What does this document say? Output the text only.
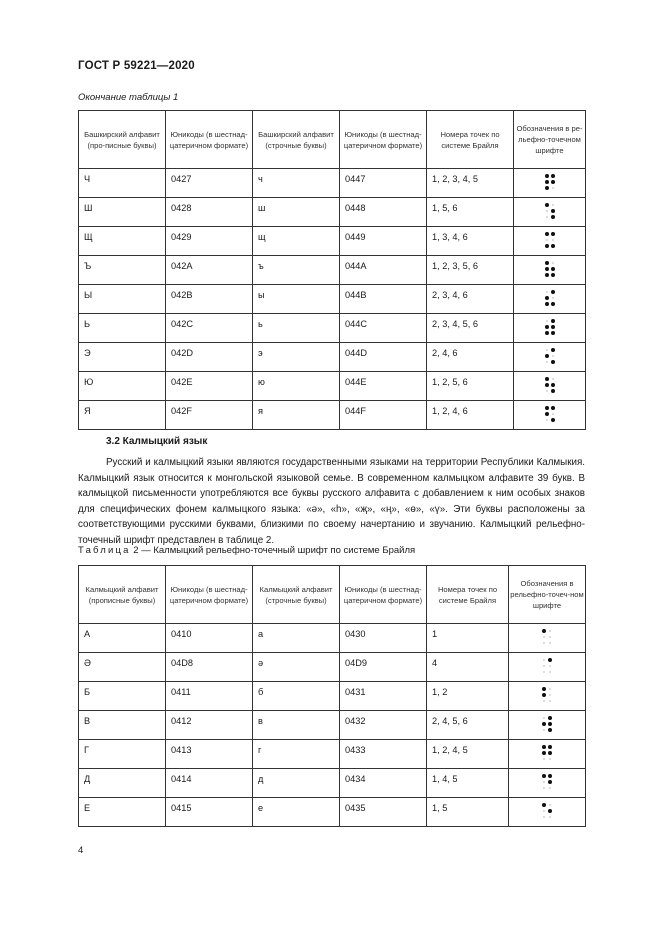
ГОСТ Р 59221—2020
Окончание таблицы 1
Башкирский алфавит (про-писные буквы)	Юникоды (в шестнад-цатеричном формате)	Башкирский алфавит (строчные буквы)	Юникоды (в шестнад-цатеричном формате)	Номера точек по системе Брайля	Обозначения в ре-льефно-точечном шрифте
Ч	0427	ч	0447	1, 2, 3, 4, 5	

Ш	0428	ш	0448	1, 5, 6	

Щ	0429	щ	0449	1, 3, 4, 6	

Ъ	042A	ъ	044A	1, 2, 3, 5, 6	

Ы	042B	ы	044B	2, 3, 4, 6	

Ь	042C	ь	044C	2, 3, 4, 5, 6	

Э	042D	э	044D	2, 4, 6	

Ю	042E	ю	044E	1, 2, 5, 6	

Я	042F	я	044F	1, 2, 4, 6	
3.2 Калмыцкий язык

Русский и калмыцкий языки являются государственными языками на территории Республики Калмыкия. Калмыцкий язык относится к монгольской языковой семье. В современном калмыцком алфавите 39 букв. В калмыцкой письменности употребляются все буквы русского алфавита с добавлением к ним особых знаков для специфических фонем калмыцкого языка: «ә», «һ», «җ», «ң», «ө», «ү». Эти буквы расположены за соответствующими русскими буквами, близкими по своему начертанию и звучанию. Калмыцкий рельефно-точечный шрифт представлен в таблице 2.

Таблица 2 — Калмыцкий рельефно-точечный шрифт по системе Брайля
Калмыцкий алфавит (прописные буквы)	Юникоды (в шестнад-цатеричном формате)	Калмыцкий алфавит (строчные буквы)	Юникоды (в шестнад-цатеричном формате)	Номера точек по системе Брайля	Обозначения в рельефно-точеч-ном шрифте
А	0410	а	0430	1	

Ә	04D8	ә	04D9	4	

Б	0411	б	0431	1, 2	

В	0412	в	0432	2, 4, 5, 6	

Г	0413	г	0433	1, 2, 4, 5	

Д	0414	д	0434	1, 4, 5	

Е	0415	е	0435	1, 5	
4
